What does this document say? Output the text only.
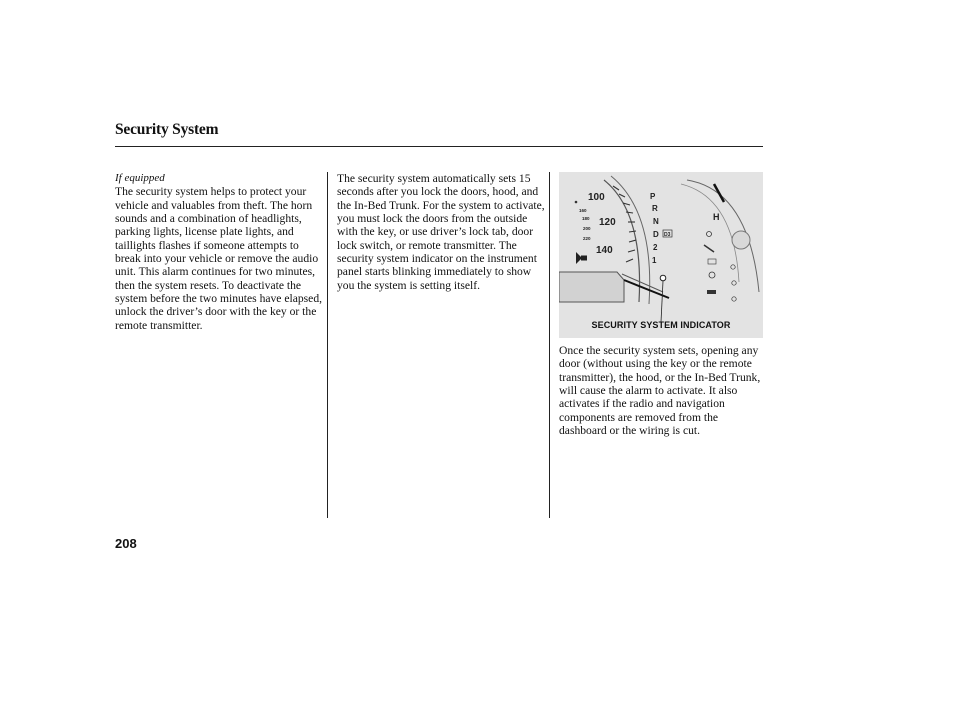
Security System

If equipped

The security system helps to protect your vehicle and valuables from theft. The horn sounds and a combination of headlights, parking lights, license plate lights, and taillights flashes if someone attempts to break into your vehicle or remove the audio unit. This alarm continues for two minutes, then the system resets. To deactivate the system before the two minutes have elapsed, unlock the driver’s door with the key or the remote transmitter.

The security system automatically sets 15 seconds after you lock the doors, hood, and the In-Bed Trunk. For the system to activate, you must lock the doors from the outside with the key, or use driver’s lock tab, door lock switch, or remote transmitter. The security system indicator on the instrument panel starts blinking immediately to show you the system is setting itself.

100
120
140
160
180
200
220
P
R
N
D D3
2
1
H
SECURITY SYSTEM INDICATOR

Once the security system sets, opening any door (without using the key or the remote transmitter), the hood, or the In-Bed Trunk, will cause the alarm to activate. It also activates if the radio and navigation components are removed from the dashboard or the wiring is cut.

208
